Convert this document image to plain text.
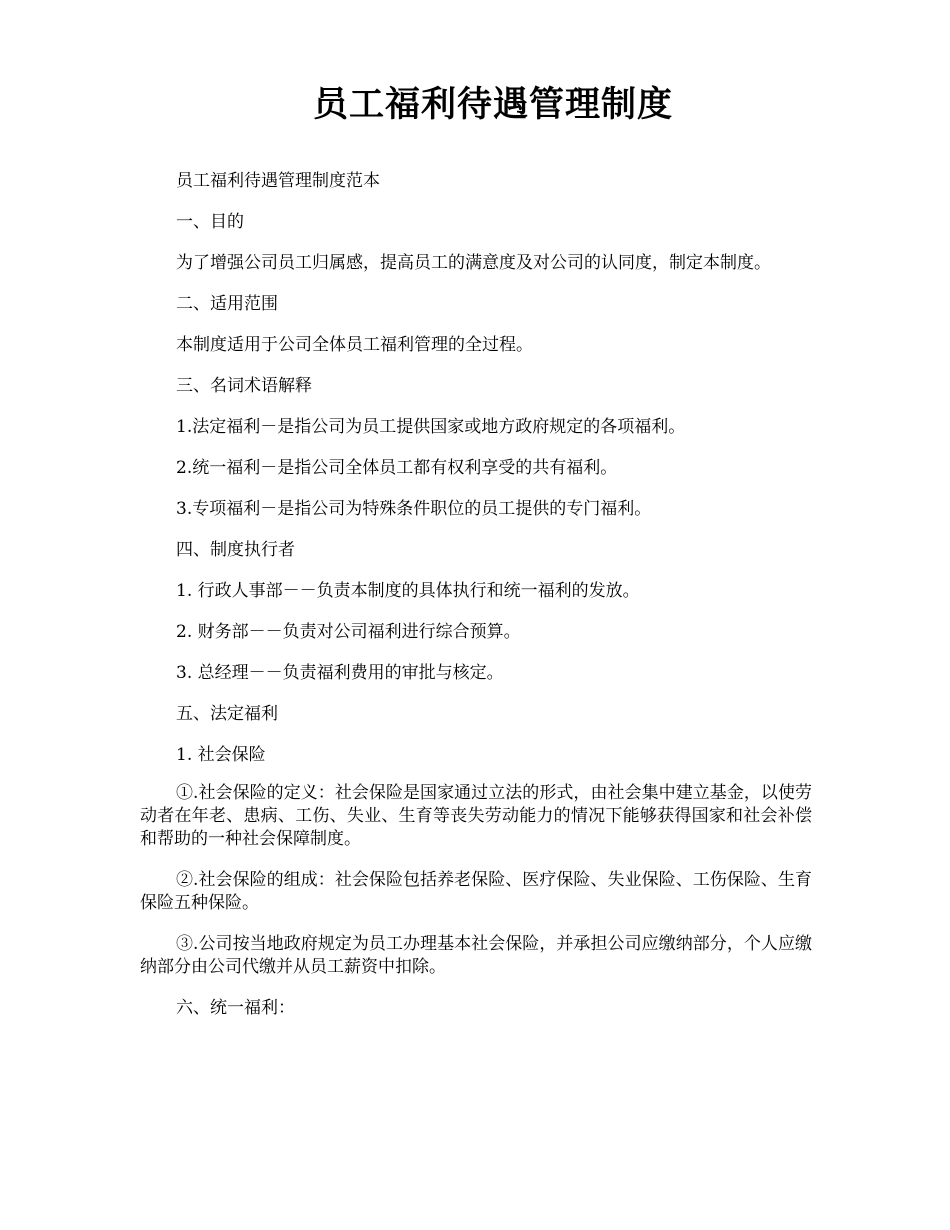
员工福利待遇管理制度

员工福利待遇管理制度范本

一、目的

为了增强公司员工归属感，提高员工的满意度及对公司的认同度，制定本制度。

二、适用范围

本制度适用于公司全体员工福利管理的全过程。

三、名词术语解释

1.法定福利－是指公司为员工提供国家或地方政府规定的各项福利。

2.统一福利－是指公司全体员工都有权利享受的共有福利。

3.专项福利－是指公司为特殊条件职位的员工提供的专门福利。

四、制度执行者

1. 行政人事部－－负责本制度的具体执行和统一福利的发放。

2. 财务部－－负责对公司福利进行综合预算。

3. 总经理－－负责福利费用的审批与核定。

五、法定福利

1. 社会保险

①.社会保险的定义：社会保险是国家通过立法的形式，由社会集中建立基金，以使劳动者在年老、患病、工伤、失业、生育等丧失劳动能力的情况下能够获得国家和社会补偿和帮助的一种社会保障制度。

②.社会保险的组成：社会保险包括养老保险、医疗保险、失业保险、工伤保险、生育保险五种保险。

③.公司按当地政府规定为员工办理基本社会保险，并承担公司应缴纳部分，个人应缴纳部分由公司代缴并从员工薪资中扣除。

六、统一福利：
